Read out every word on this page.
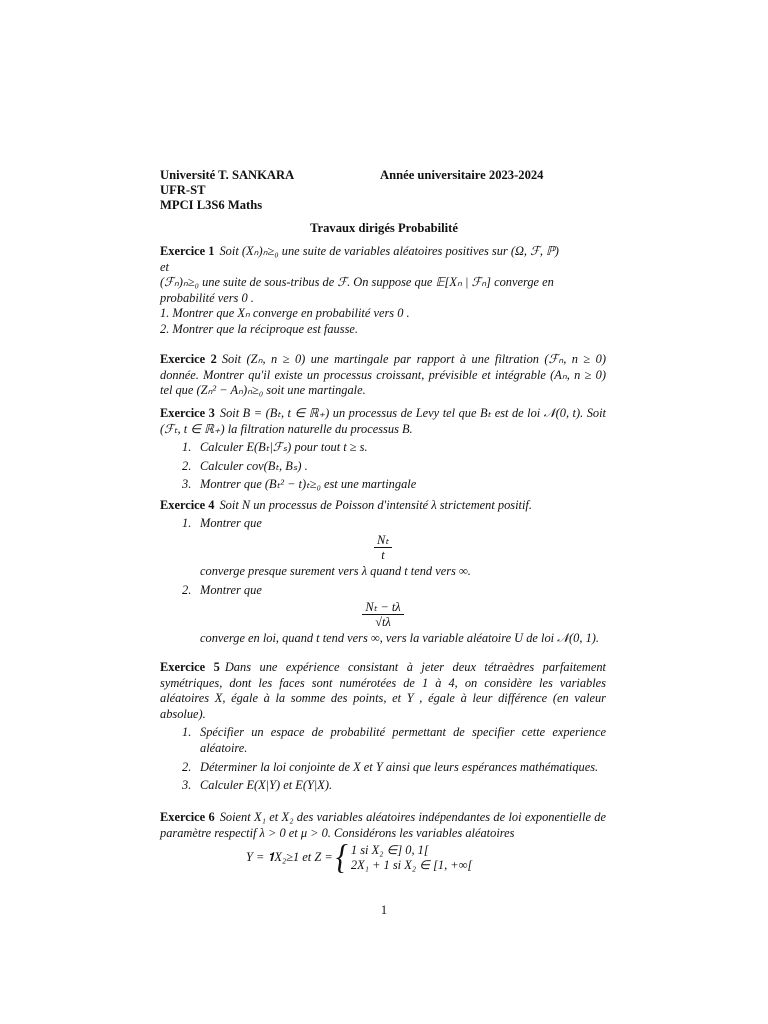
Université T. SANKARA	Année universitaire 2023-2024
UFR-ST
MPCI L3S6 Maths
Travaux dirigés Probabilité

Exercice 1 Soit (Xₙ)ₙ≥₀ une suite de variables aléatoires positives sur (Ω, ℱ, ℙ)

et

(ℱₙ)ₙ≥₀ une suite de sous-tribus de ℱ. On suppose que 𝔼[Xₙ | ℱₙ] converge en

probabilité vers 0 .

1. Montrer que Xₙ converge en probabilité vers 0 .

2. Montrer que la réciproque est fausse.

Exercice 2 Soit (Zₙ, n ≥ 0) une martingale par rapport à une filtration (ℱₙ, n ≥ 0) donnée. Montrer qu'il existe un processus croissant, prévisible et intégrable (Aₙ, n ≥ 0) tel que (Zₙ² − Aₙ)ₙ≥₀ soit une martingale.

Exercice 3 Soit B = (Bₜ, t ∈ ℝ₊) un processus de Levy tel que Bₜ est de loi 𝒩(0, t). Soit (ℱₜ, t ∈ ℝ₊) la filtration naturelle du processus B.

1. Calculer E(Bₜ|ℱₛ) pour tout t ≥ s.
2. Calculer cov(Bₜ, Bₛ) .
3. Montrer que (Bₜ² − t)ₜ≥₀ est une martingale

Exercice 4 Soit N un processus de Poisson d'intensité λ strictement positif.

1. Montrer que
$\frac{\text{Nₜ}}{t}$
converge presque surement vers λ quand t tend vers ∞.
2. Montrer que
$\frac{\text{Nₜ − tλ}}{√t\lambda}$
converge en loi, quand t tend vers ∞, vers la variable aléatoire U de loi 𝒩(0, 1).

Exercice 5 Dans une expérience consistant à jeter deux tétraèdres parfaitement symétriques, dont les faces sont numérotées de 1 à 4, on considère les variables aléatoires X, égale à la somme des points, et Y , égale à leur différence (en valeur absolue).

1. Spécifier un espace de probabilité permettant de specifier cette experience aléatoire.
2. Déterminer la loi conjointe de X et Y ainsi que leurs espérances mathématiques.
3. Calculer E(X|Y) et E(Y|X).

Exercice 6 Soient X₁ et X₂ des variables aléatoires indépendantes de loi exponentielle de paramètre respectif λ > 0 et μ > 0. Considérons les variables aléatoires

Y = 𝟏X₂≥1 et Z = { 1 si X₂ ∈] 0, 1[
2X₁ + 1 si X₂ ∈ [1, +∞[
1
